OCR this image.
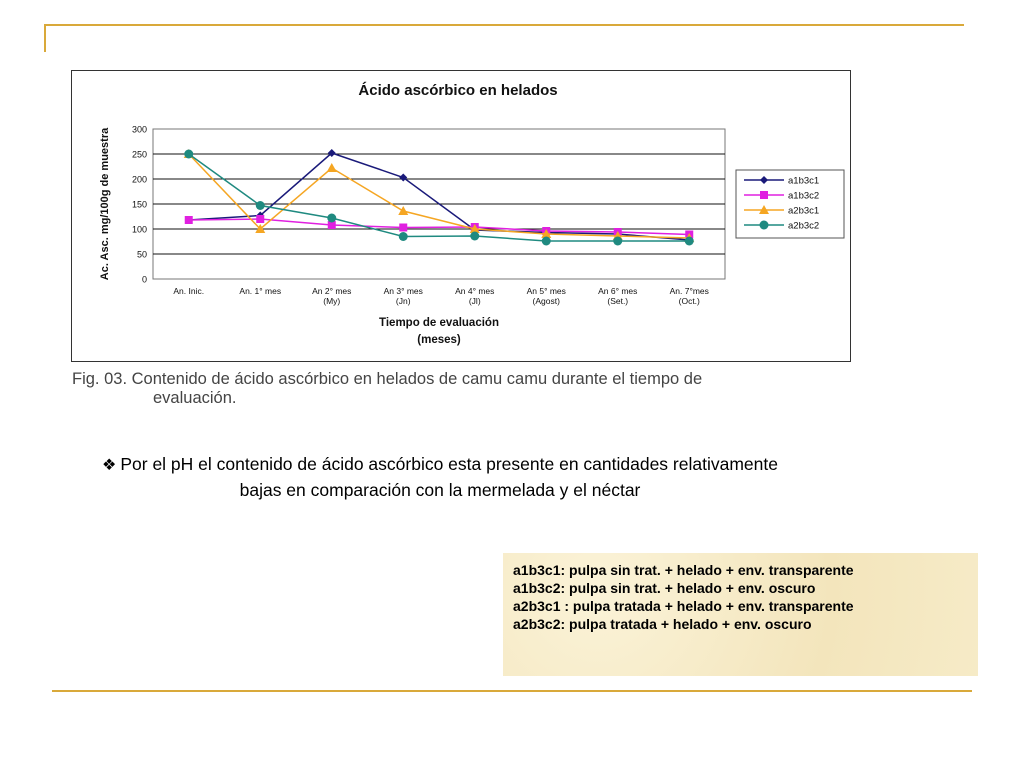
Ácido ascórbico en helados
Ac. Asc. mg/100g de muestra
Tiempo de evaluación
(meses)
0
50
100
150
200
250
300
An. Inic.	An. 1° mes	An 2° mes (My)
An 3° mes (Jn)
An 4° mes (Jl)
An 5° mes (Agost)
An 6° mes (Set.)
An. 7°mes (Oct.)
a1b3c1
a1b3c2
a2b3c1
a2b3c2
Fig. 03. Contenido de ácido ascórbico en helados de camu camu durante el tiempo de
evaluación.
❖ Por el pH el contenido de ácido ascórbico esta presente en cantidades relativamente bajas en comparación con la mermelada y el néctar
a1b3c1: pulpa sin trat. + helado + env. transparente
a1b3c2: pulpa sin trat. + helado + env. oscuro
a2b3c1 : pulpa tratada + helado + env. transparente
a2b3c2: pulpa tratada + helado + env. oscuro
